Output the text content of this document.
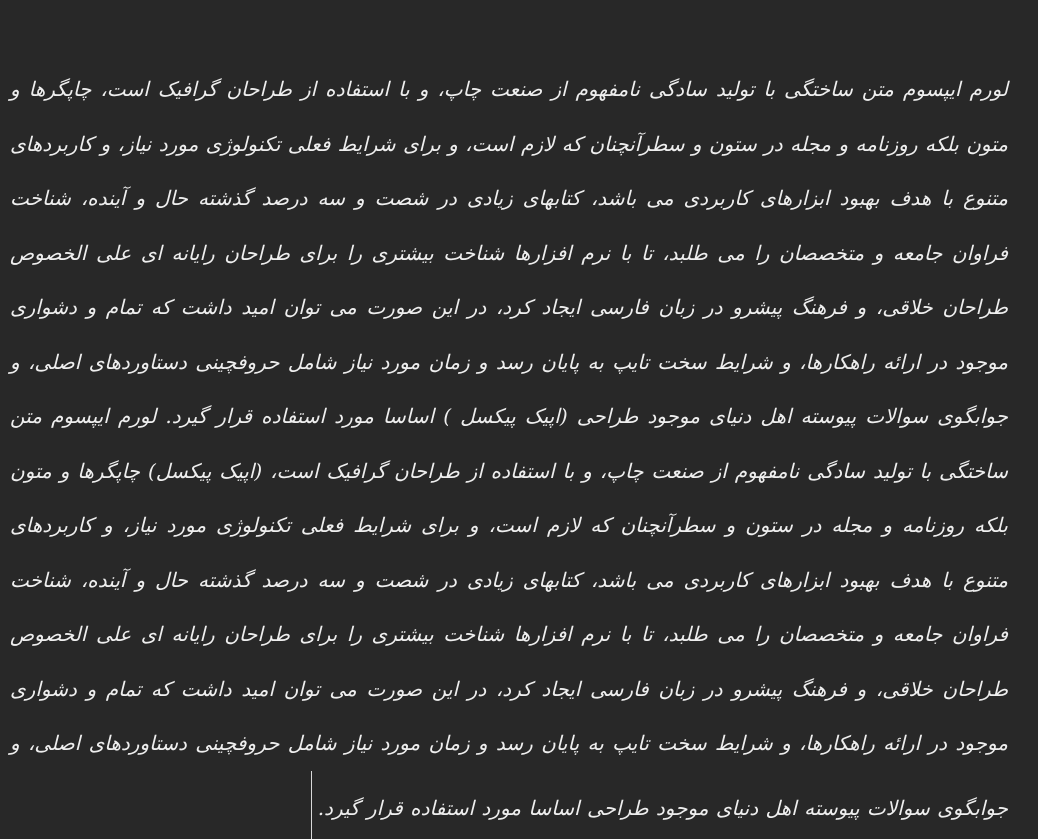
لورم ایپسوم متن ساختگی با تولید سادگی نامفهوم از صنعت چاپ، و با استفاده از طراحان گرافیک است، چاپگرها و متون بلکه روزنامه و مجله در ستون و سطرآنچنان که لازم است، و برای شرایط فعلی تکنولوژی مورد نیاز، و کاربردهای متنوع با هدف بهبود ابزارهای کاربردی می باشد، کتابهای زیادی در شصت و سه درصد گذشته حال و آینده، شناخت فراوان جامعه و متخصصان را می طلبد، تا با نرم افزارها شناخت بیشتری را برای طراحان رایانه ای علی الخصوص طراحان خلاقی، و فرهنگ پیشرو در زبان فارسی ایجاد کرد، در این صورت می توان امید داشت که تمام و دشواری موجود در ارائه راهکارها، و شرایط سخت تایپ به پایان رسد و زمان مورد نیاز شامل حروفچینی دستاوردهای اصلی، و جوابگوی سوالات پیوسته اهل دنیای موجود طراحی (اپیک پیکسل ) اساسا مورد استفاده قرار گیرد. لورم ایپسوم متن ساختگی با تولید سادگی نامفهوم از صنعت چاپ، و با استفاده از طراحان گرافیک است، (اپیک پیکسل) چاپگرها و متون بلکه روزنامه و مجله در ستون و سطرآنچنان که لازم است، و برای شرایط فعلی تکنولوژی مورد نیاز، و کاربردهای متنوع با هدف بهبود ابزارهای کاربردی می باشد، کتابهای زیادی در شصت و سه درصد گذشته حال و آینده، شناخت فراوان جامعه و متخصصان را می طلبد، تا با نرم افزارها شناخت بیشتری را برای طراحان رایانه ای علی الخصوص طراحان خلاقی، و فرهنگ پیشرو در زبان فارسی ایجاد کرد، در این صورت می توان امید داشت که تمام و دشواری موجود در ارائه راهکارها، و شرایط سخت تایپ به پایان رسد و زمان مورد نیاز شامل حروفچینی دستاوردهای اصلی، و جوابگوی سوالات پیوسته اهل دنیای موجود طراحی اساسا مورد استفاده قرار گیرد.
